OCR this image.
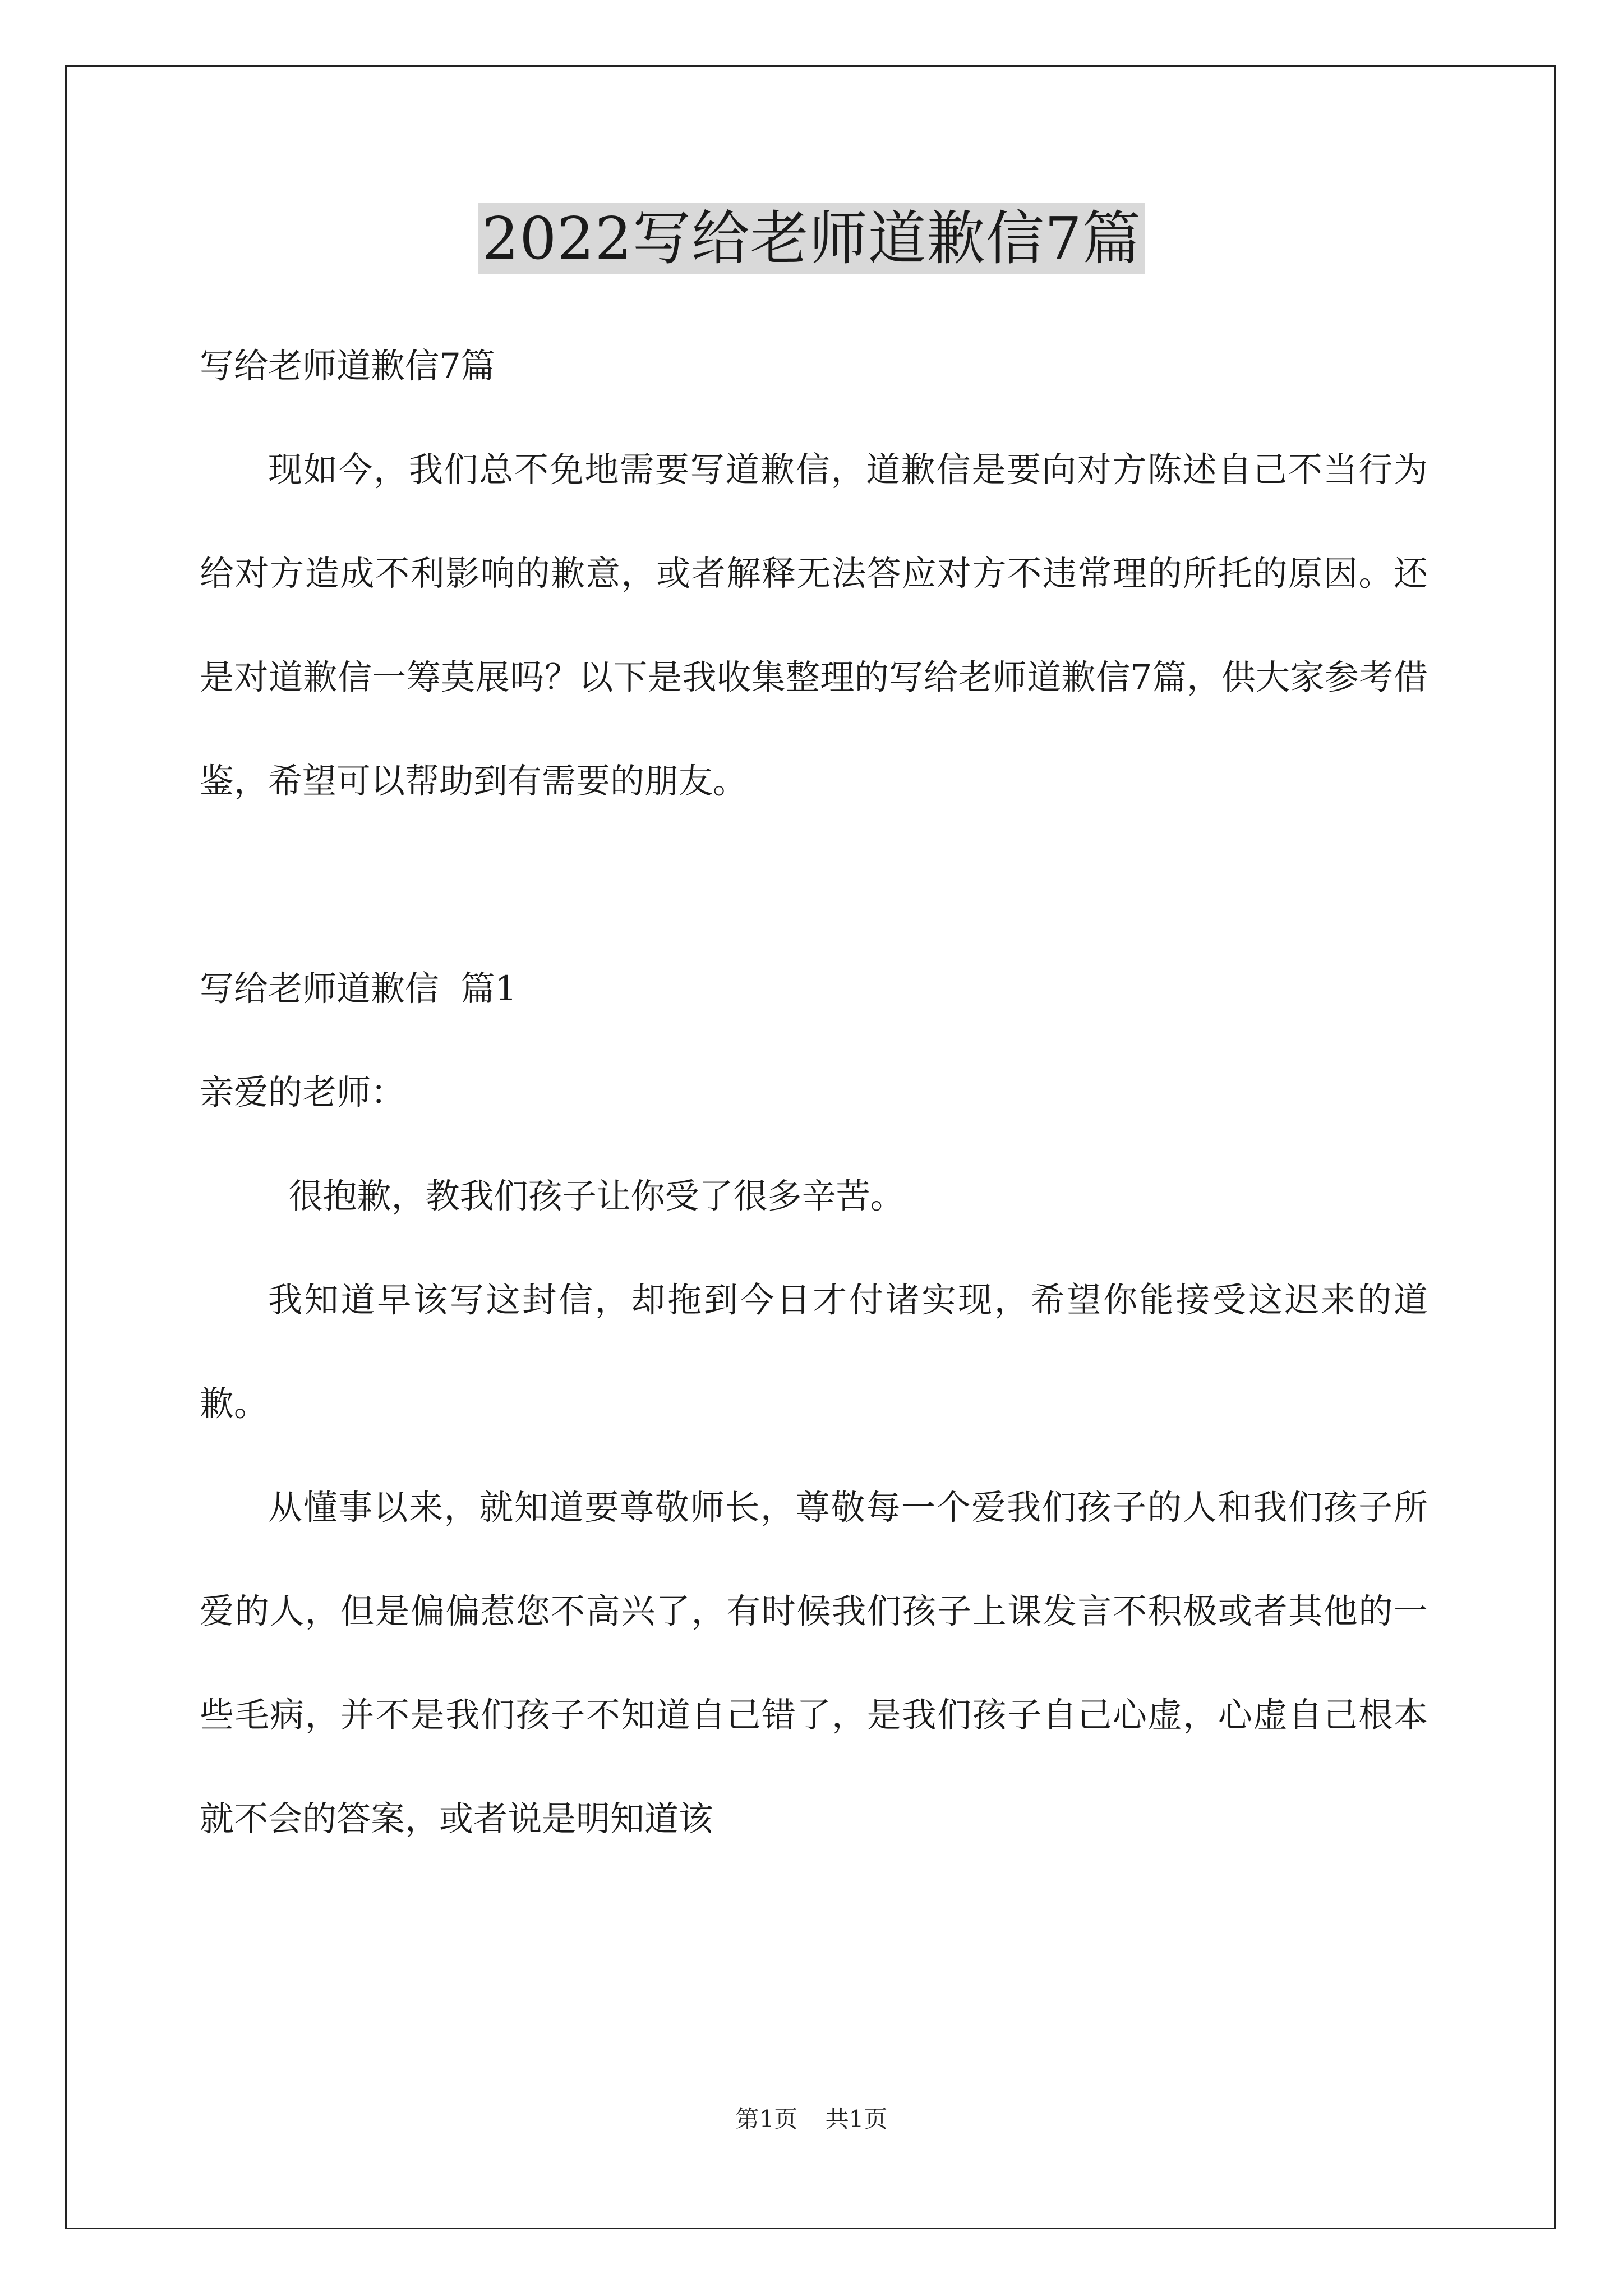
2022写给老师道歉信7篇

写给老师道歉信7篇

现如今，我们总不免地需要写道歉信，道歉信是要向对方陈述自己不当行为给对方造成不利影响的歉意，或者解释无法答应对方不违常理的所托的原因。还是对道歉信一筹莫展吗？以下是我收集整理的写给老师道歉信7篇，供大家参考借鉴，希望可以帮助到有需要的朋友。

写给老师道歉信  篇1

亲爱的老师：

很抱歉，教我们孩子让你受了很多辛苦。

我知道早该写这封信，却拖到今日才付诸实现，希望你能接受这迟来的道歉。

从懂事以来，就知道要尊敬师长，尊敬每一个爱我们孩子的人和我们孩子所爱的人，但是偏偏惹您不高兴了，有时候我们孩子上课发言不积极或者其他的一些毛病，并不是我们孩子不知道自己错了，是我们孩子自己心虚，心虚自己根本就不会的答案，或者说是明知道该

第1页 共1页
